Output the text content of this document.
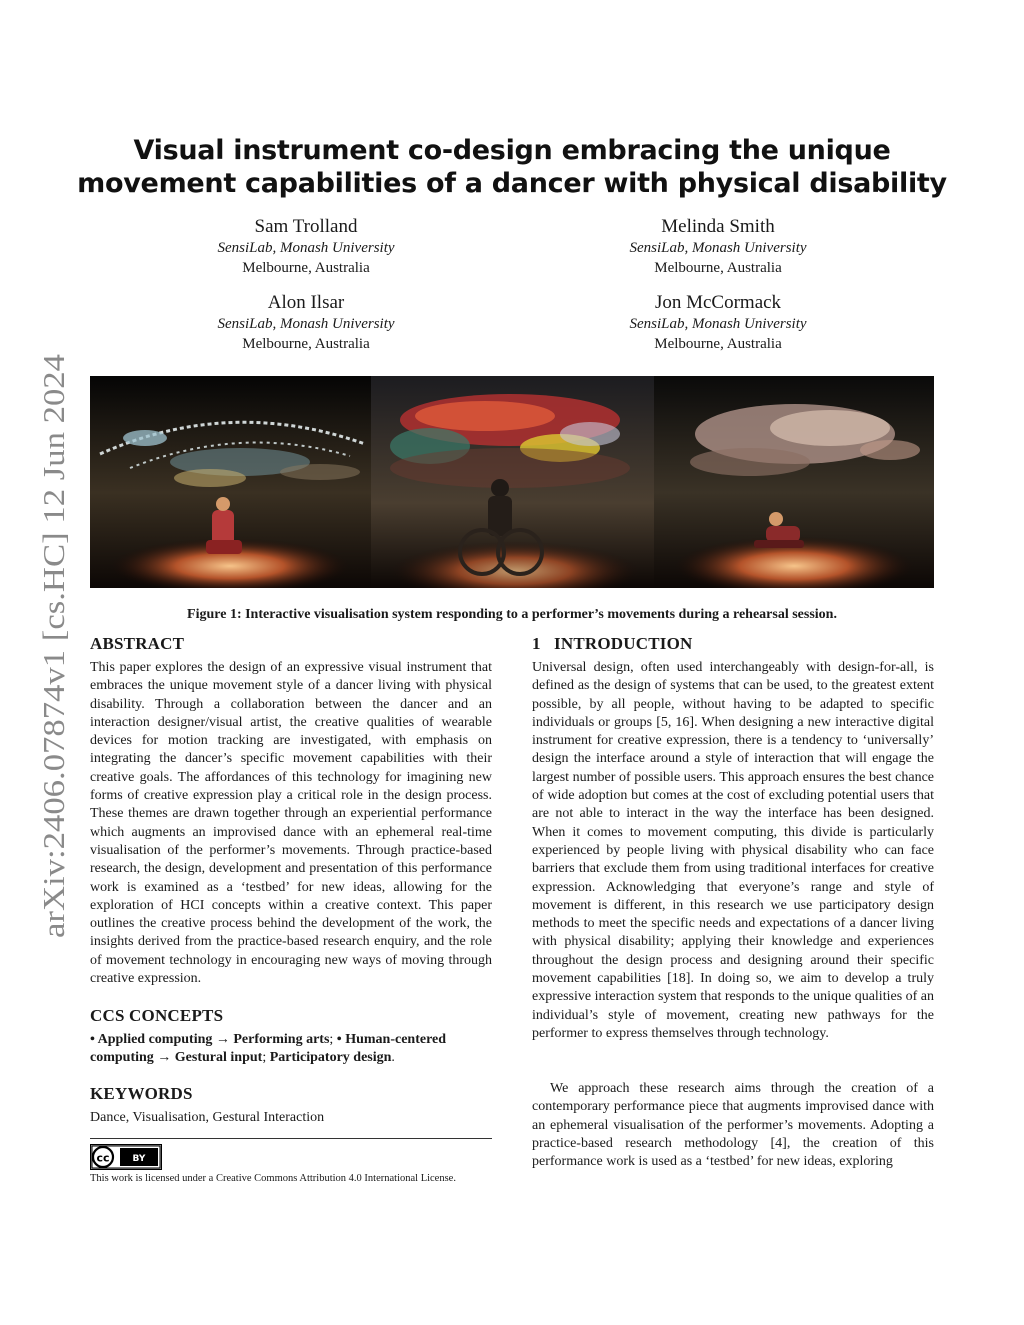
arXiv:2406.07874v1 [cs.HC] 12 Jun 2024
Visual instrument co-design embracing the unique movement capabilities of a dancer with physical disability
Sam Trolland
SensiLab, Monash University
Melbourne, Australia
Melinda Smith
SensiLab, Monash University
Melbourne, Australia
Alon Ilsar
SensiLab, Monash University
Melbourne, Australia
Jon McCormack
SensiLab, Monash University
Melbourne, Australia
Figure 1: Interactive visualisation system responding to a performer’s movements during a rehearsal session.
ABSTRACT
This paper explores the design of an expressive visual instrument that embraces the unique movement style of a dancer living with physical disability. Through a collaboration between the dancer and an interaction designer/visual artist, the creative qualities of wearable devices for motion tracking are investigated, with emphasis on integrating the dancer’s specific movement capabilities with their creative goals. The affordances of this technology for imagining new forms of creative expression play a critical role in the design process. These themes are drawn together through an experiential performance which augments an improvised dance with an ephemeral real-time visualisation of the performer’s movements. Through practice-based research, the design, development and presentation of this performance work is examined as a ‘testbed’ for new ideas, allowing for the exploration of HCI concepts within a creative context. This paper outlines the creative process behind the development of the work, the insights derived from the practice-based research enquiry, and the role of movement technology in encouraging new ways of moving through creative expression.
CCS CONCEPTS
• Applied computing → Performing arts; • Human-centered computing → Gestural input; Participatory design.
KEYWORDS
Dance, Visualisation, Gestural Interaction
cc	BY
This work is licensed under a Creative Commons Attribution 4.0 International License.
1   INTRODUCTION
Universal design, often used interchangeably with design-for-all, is defined as the design of systems that can be used, to the greatest extent possible, by all people, without having to be adapted to specific individuals or groups [5, 16]. When designing a new interactive digital instrument for creative expression, there is a tendency to ‘universally’ design the interface around a style of interaction that will engage the largest number of possible users. This approach ensures the best chance of wide adoption but comes at the cost of excluding potential users that are not able to interact in the way the interface has been designed. When it comes to movement computing, this divide is particularly experienced by people living with physical disability who can face barriers that exclude them from using traditional interfaces for creative expression. Acknowledging that everyone’s range and style of movement is different, in this research we use participatory design methods to meet the specific needs and expectations of a dancer living with physical disability; applying their knowledge and experiences throughout the design process and designing around their specific movement capabilities [18]. In doing so, we aim to develop a truly expressive interaction system that responds to the unique qualities of an individual’s style of movement, creating new pathways for the performer to express themselves through technology.
We approach these research aims through the creation of a contemporary performance piece that augments improvised dance with an ephemeral visualisation of the performer’s movements. Adopting a practice-based research methodology [4], the creation of this performance work is used as a ‘testbed’ for new ideas, exploring
